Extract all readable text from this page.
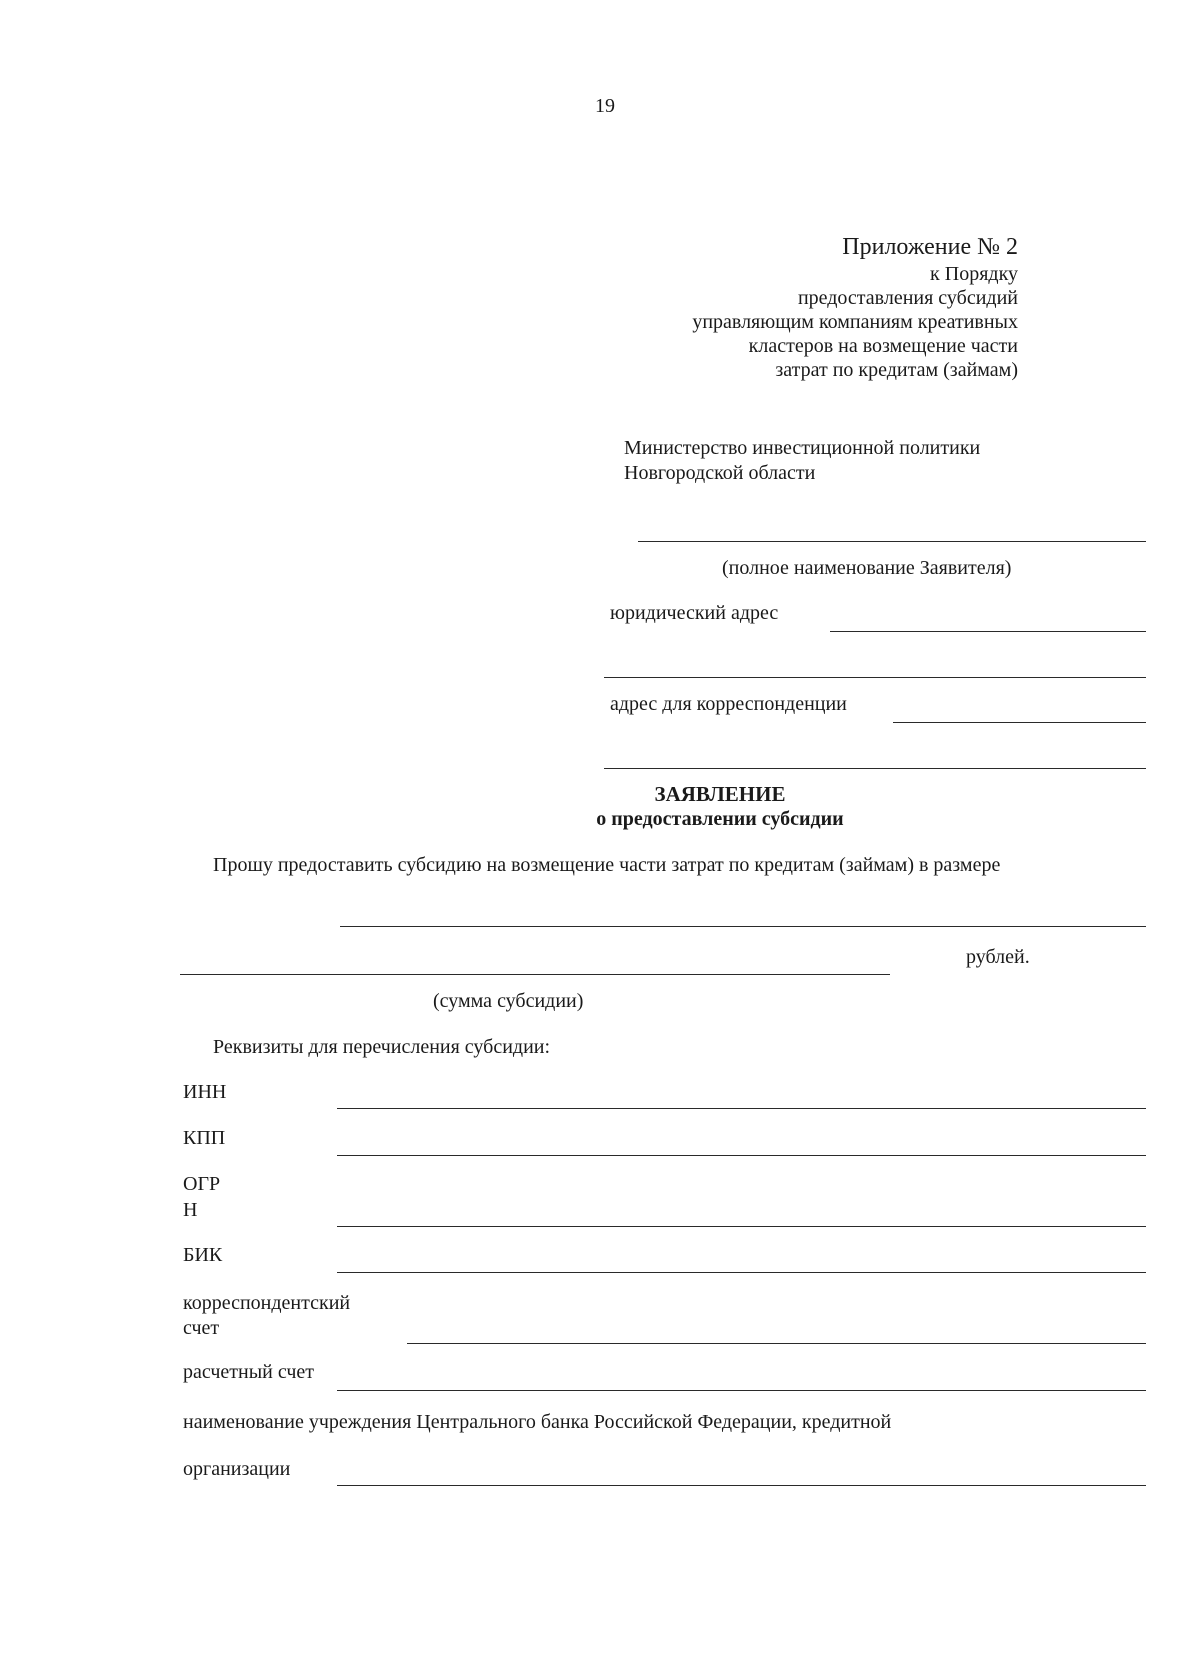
19
Приложение № 2
к Порядку
предоставления субсидий
управляющим компаниям креативных
кластеров на возмещение части
затрат по кредитам (займам)
Министерство инвестиционной политики
Новгородской области
(полное наименование Заявителя)
юридический адрес
адрес для корреспонденции
ЗАЯВЛЕНИЕ
о предоставлении субсидии
Прошу предоставить субсидию на возмещение части затрат по кредитам (займам) в размере
рублей.
(сумма субсидии)
Реквизиты для перечисления субсидии:
ИНН
КПП
ОГР
Н
БИК
корреспондентский
счет
расчетный счет
наименование учреждения Центрального банка Российской Федерации, кредитной
организации
